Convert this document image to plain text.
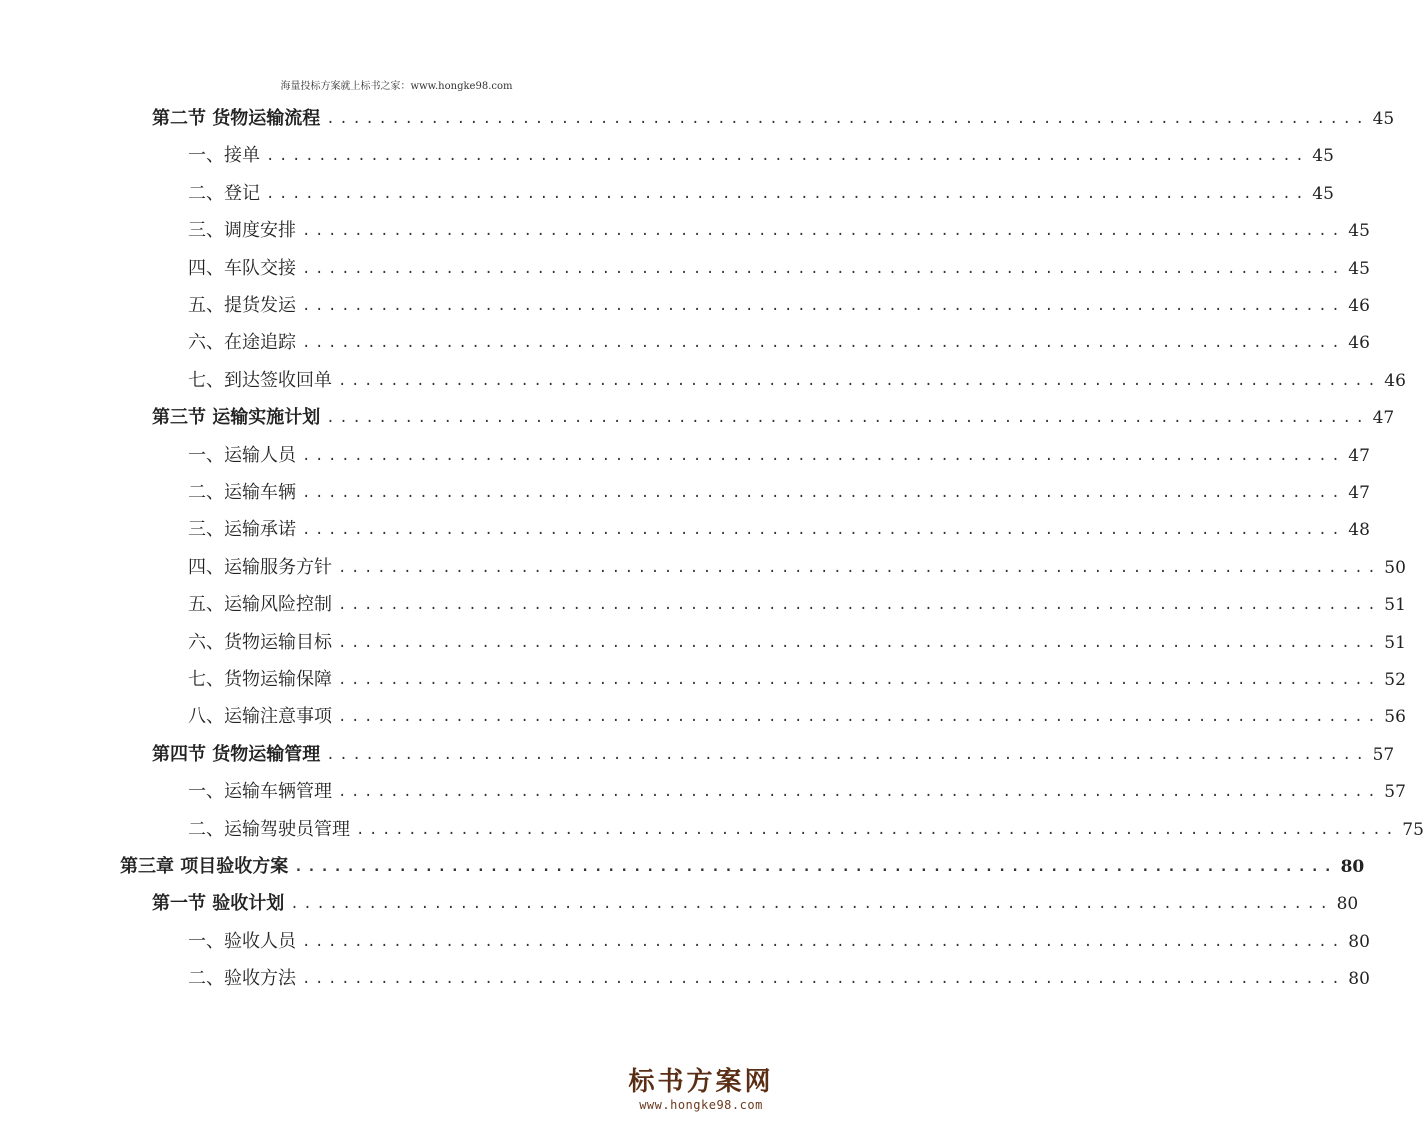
海量投标方案就上标书之家：www.hongke98.com
第二节 货物运输流程 ................................................................................ 45
一、接单 ................................................................................ 45
二、登记 ................................................................................ 45
三、调度安排 ................................................................................ 45
四、车队交接 ................................................................................ 45
五、提货发运 ................................................................................ 46
六、在途追踪 ................................................................................ 46
七、到达签收回单 ................................................................................ 46
第三节 运输实施计划 ................................................................................ 47
一、运输人员 ................................................................................ 47
二、运输车辆 ................................................................................ 47
三、运输承诺 ................................................................................ 48
四、运输服务方针 ................................................................................ 50
五、运输风险控制 ................................................................................ 51
六、货物运输目标 ................................................................................ 51
七、货物运输保障 ................................................................................ 52
八、运输注意事项 ................................................................................ 56
第四节 货物运输管理 ................................................................................ 57
一、运输车辆管理 ................................................................................ 57
二、运输驾驶员管理 ................................................................................ 75
第三章 项目验收方案 ................................................................................ 80
第一节 验收计划 ................................................................................ 80
一、验收人员 ................................................................................ 80
二、验收方法 ................................................................................ 80
标书方案网
www.hongke98.com
